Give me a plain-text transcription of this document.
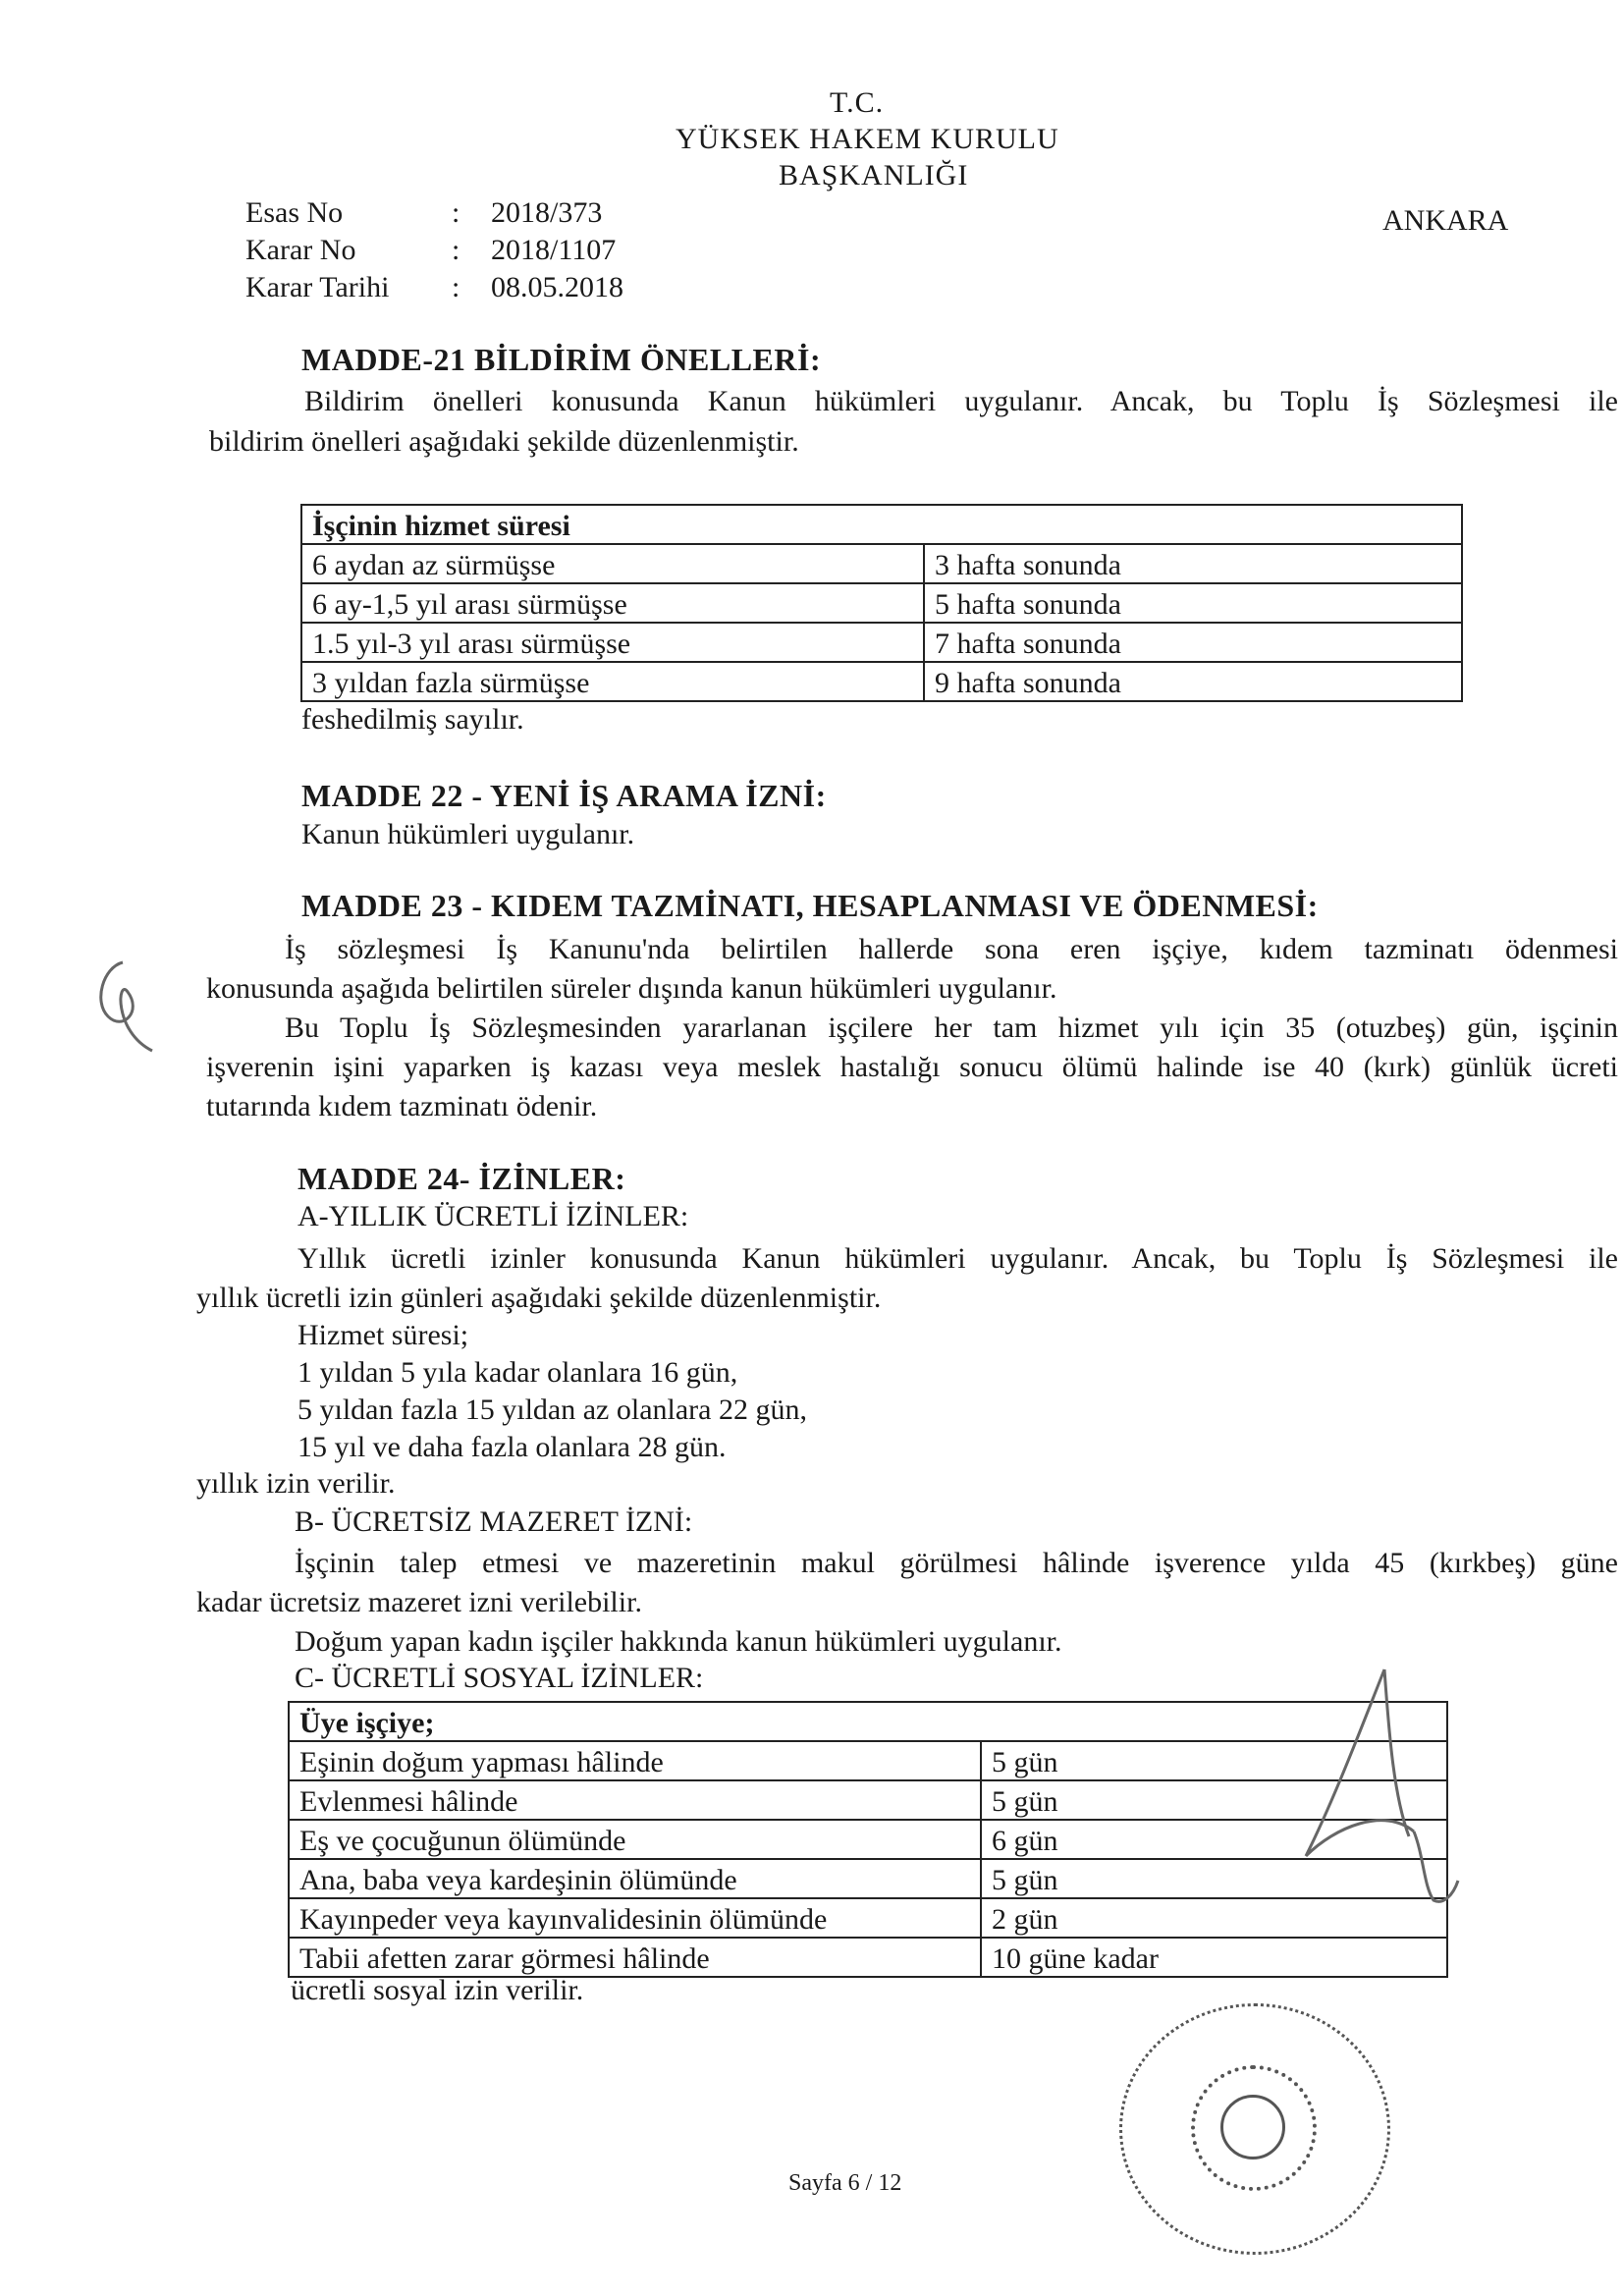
T.C.
YÜKSEK HAKEM KURULU
BAŞKANLIĞI
ANKARA
Esas No	: 2018/373
Karar No	: 2018/1107
Karar Tarihi : 08.05.2018
MADDE-21 BİLDİRİM ÖNELLERİ:
Bildirim önelleri konusunda Kanun hükümleri uygulanır. Ancak, bu Toplu İş Sözleşmesi ile
bildirim önelleri aşağıdaki şekilde düzenlenmiştir.
İşçinin hizmet süresi	
6 aydan az sürmüşse	3 hafta sonunda
6 ay-1,5 yıl arası sürmüşse	5 hafta sonunda
1.5 yıl-3 yıl arası sürmüşse	7 hafta sonunda
3 yıldan fazla sürmüşse	9 hafta sonunda
feshedilmiş sayılır.
MADDE 22 - YENİ İŞ ARAMA İZNİ:
Kanun hükümleri uygulanır.
MADDE 23 - KIDEM TAZMİNATI, HESAPLANMASI VE ÖDENMESİ:
İş sözleşmesi İş Kanunu'nda belirtilen hallerde sona eren işçiye, kıdem tazminatı ödenmesi
konusunda aşağıda belirtilen süreler dışında kanun hükümleri uygulanır.
Bu Toplu İş Sözleşmesinden yararlanan işçilere her tam hizmet yılı için 35 (otuzbeş) gün, işçinin
işverenin işini yaparken iş kazası veya meslek hastalığı sonucu ölümü halinde ise 40 (kırk) günlük ücreti
tutarında kıdem tazminatı ödenir.
MADDE 24- İZİNLER:
A-YILLIK ÜCRETLİ İZİNLER:
Yıllık ücretli izinler konusunda Kanun hükümleri uygulanır. Ancak, bu Toplu İş Sözleşmesi ile
yıllık ücretli izin günleri aşağıdaki şekilde düzenlenmiştir.
Hizmet süresi;
1 yıldan 5 yıla kadar olanlara 16 gün,
5 yıldan fazla 15 yıldan az olanlara 22 gün,
15 yıl ve daha fazla olanlara 28 gün.
yıllık izin verilir.
B- ÜCRETSİZ MAZERET İZNİ:
İşçinin talep etmesi ve mazeretinin makul görülmesi hâlinde işverence yılda 45 (kırkbeş) güne
kadar ücretsiz mazeret izni verilebilir.
Doğum yapan kadın işçiler hakkında kanun hükümleri uygulanır.
C- ÜCRETLİ SOSYAL İZİNLER:
Üye işçiye;	
Eşinin doğum yapması hâlinde	5 gün
Evlenmesi hâlinde	5 gün
Eş ve çocuğunun ölümünde	6 gün
Ana, baba veya kardeşinin ölümünde	5 gün
Kayınpeder veya kayınvalidesinin ölümünde	2 gün
Tabii afetten zarar görmesi hâlinde	10 güne kadar
ücretli sosyal izin verilir.
Sayfa 6 / 12
